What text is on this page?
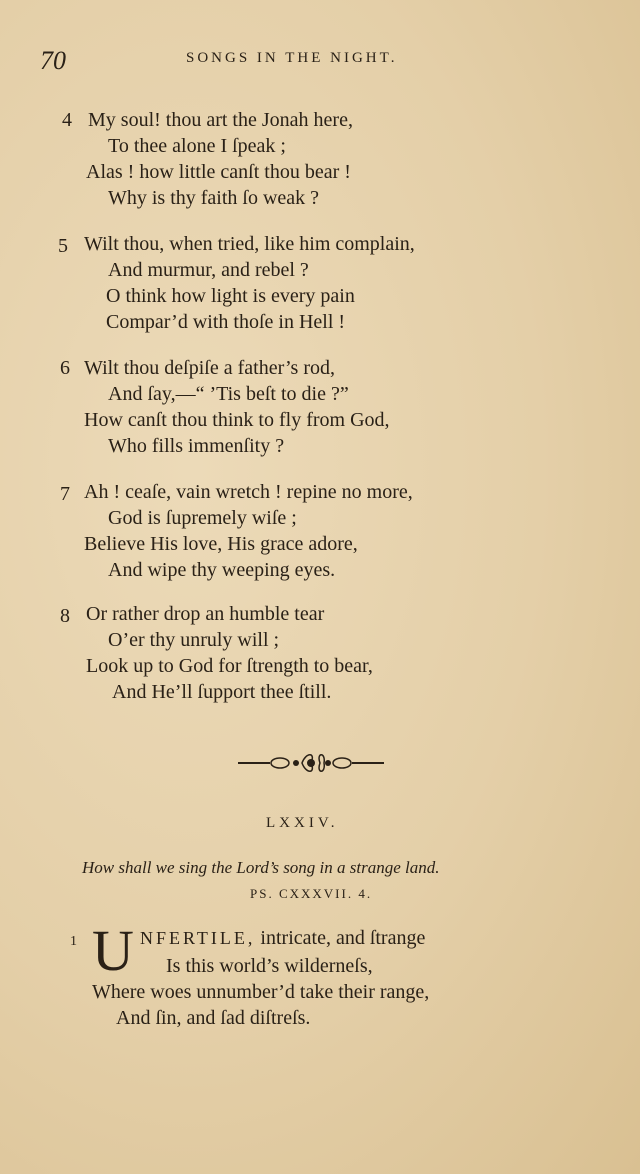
70	SONGS IN THE NIGHT.
4 My soul! thou art the Jonah here,
To thee alone I ſpeak ;
Alas ! how little canſt thou bear !
Why is thy faith ſo weak ?
5 Wilt thou, when tried, like him complain,
And murmur, and rebel ?
O think how light is every pain
Compar’d with thoſe in Hell !
6 Wilt thou deſpiſe a father’s rod,
And ſay,—“ ’Tis beſt to die ?”
How canſt thou think to fly from God,
Who fills immenſity ?
7 Ah ! ceaſe, vain wretch ! repine no more,
God is ſupremely wiſe ;
Believe His love, His grace adore,
And wipe thy weeping eyes.
8 Or rather drop an humble tear
O’er thy unruly will ;
Look up to God for ſtrength to bear,
And He’ll ſupport thee ſtill.
LXXIV.
How shall we sing the Lord’s song in a strange land.
PS. CXXXVII. 4.
1 U NFERTILE, intricate, and ſtrange
Is this world’s wilderneſs,
Where woes unnumber’d take their range,
And ſin, and ſad diſtreſs.
